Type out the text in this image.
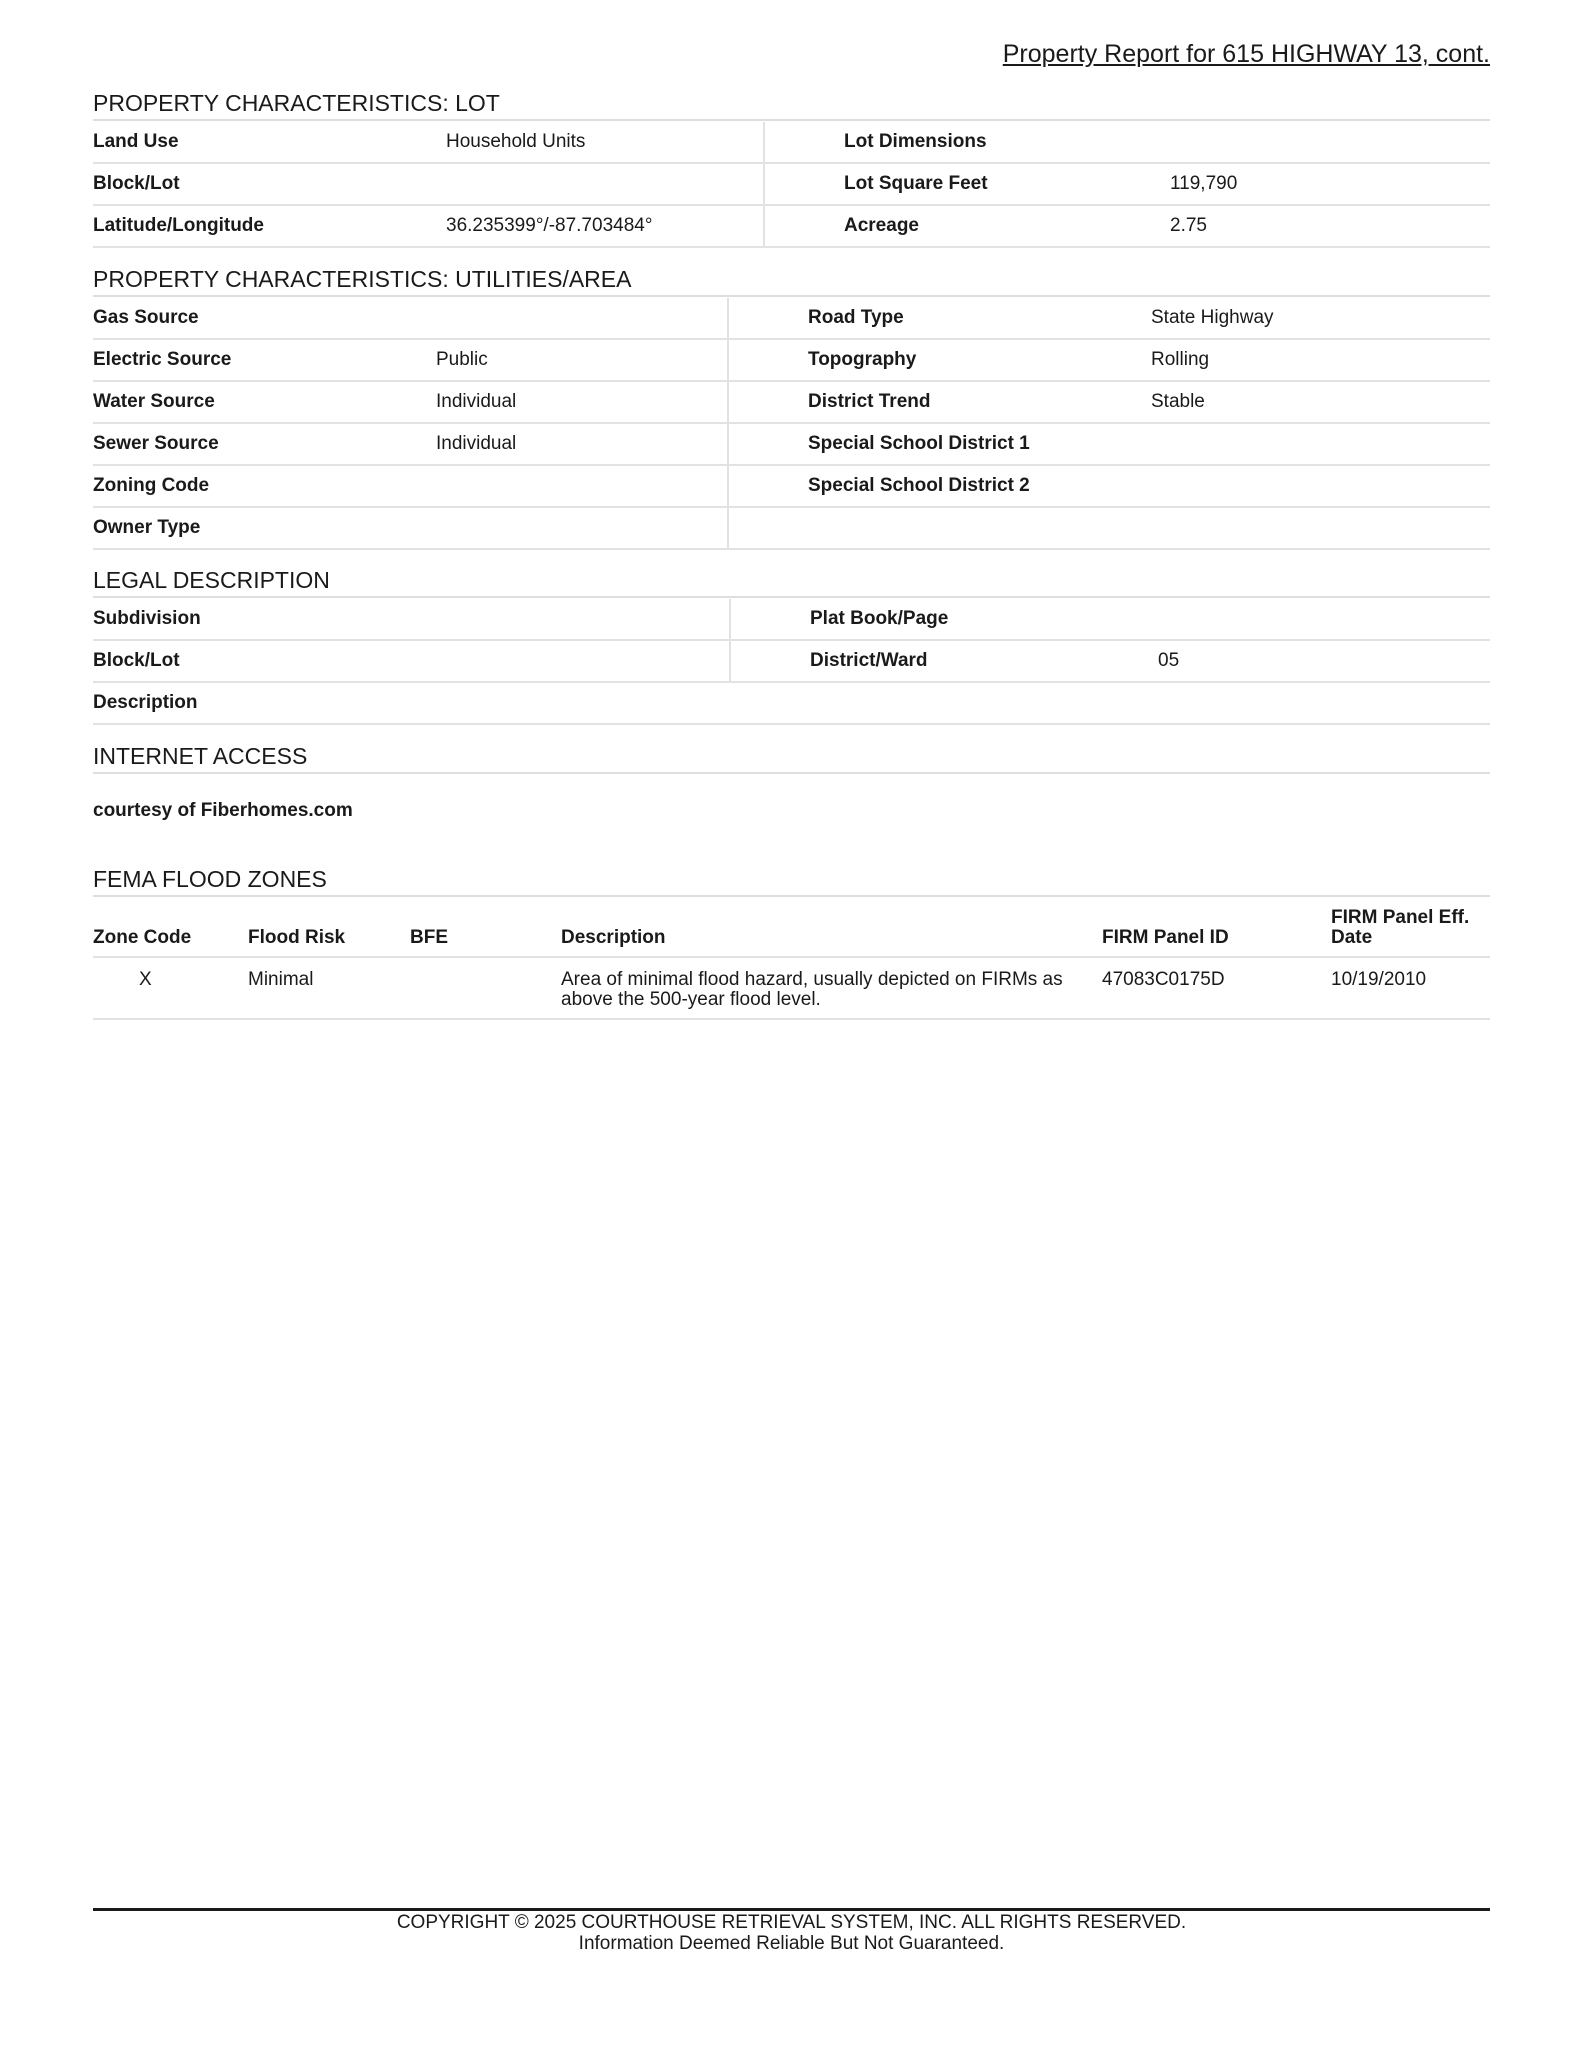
Property Report for 615 HIGHWAY 13, cont.
PROPERTY CHARACTERISTICS: LOT
Land Use	Household Units		Lot Dimensions	
Block/Lot			Lot Square Feet	119,790
Latitude/Longitude	36.235399°/-87.703484°		Acreage	2.75
PROPERTY CHARACTERISTICS: UTILITIES/AREA
Gas Source			Road Type	State Highway
Electric Source	Public		Topography	Rolling
Water Source	Individual		District Trend	Stable
Sewer Source	Individual		Special School District 1	
Zoning Code			Special School District 2	
Owner Type				
LEGAL DESCRIPTION
Subdivision			Plat Book/Page	
Block/Lot			District/Ward	05
Description				
INTERNET ACCESS
courtesy of Fiberhomes.com
FEMA FLOOD ZONES
Zone Code	Flood Risk	BFE	Description	FIRM Panel ID	FIRM Panel Eff. Date
X	Minimal		Area of minimal flood hazard, usually depicted on FIRMs as above the 500-year flood level.	47083C0175D	10/19/2010
COPYRIGHT © 2025 COURTHOUSE RETRIEVAL SYSTEM, INC. ALL RIGHTS RESERVED.
Information Deemed Reliable But Not Guaranteed.
